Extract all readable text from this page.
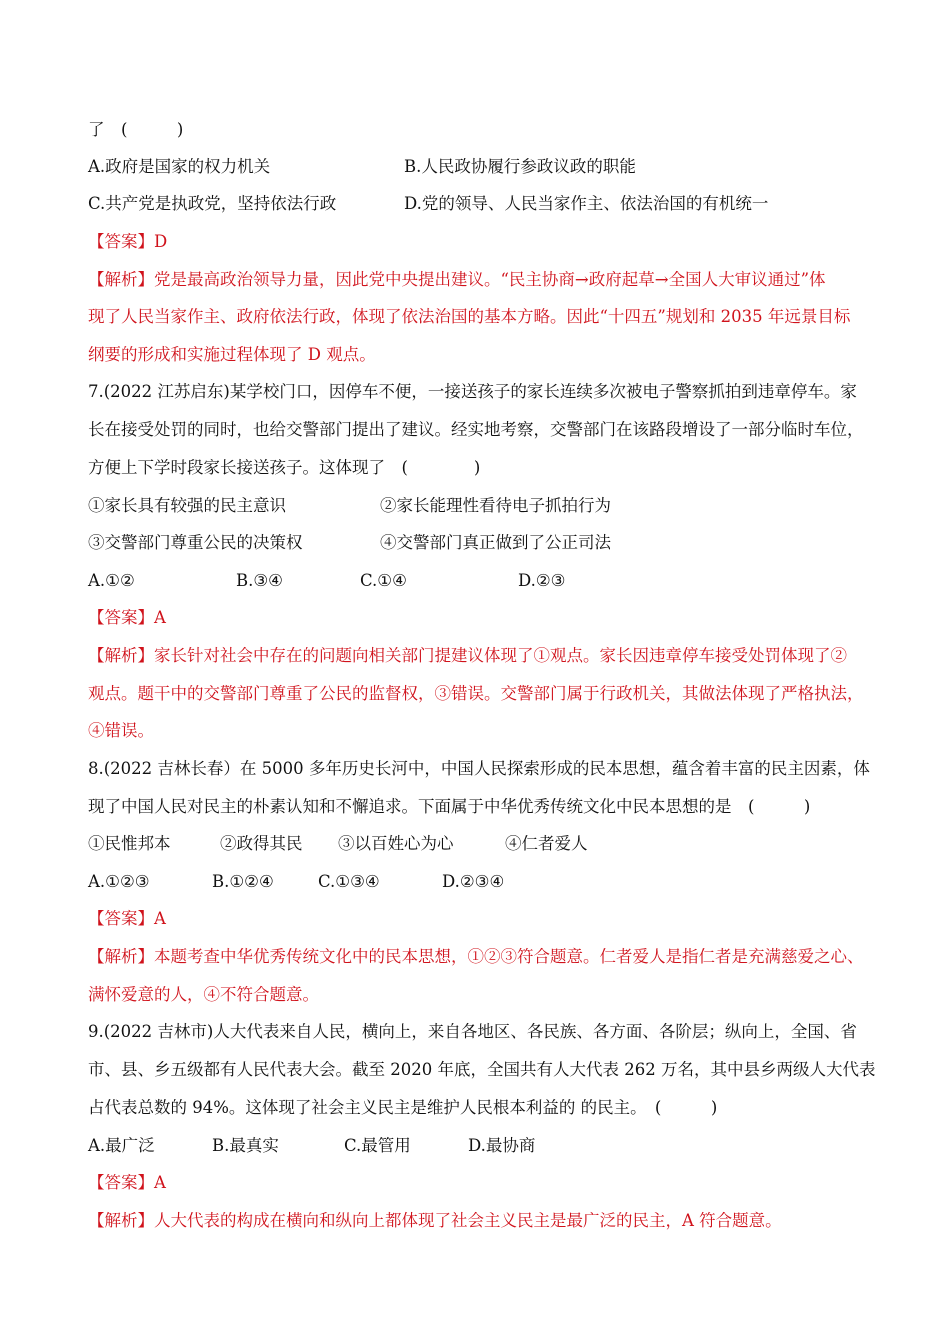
了　(　　　)
A.政府是国家的权力机关	B.人民政协履行参政议政的职能
C.共产党是执政党，坚持依法行政	D.党的领导、人民当家作主、依法治国的有机统一
【答案】D
【解析】党是最高政治领导力量，因此党中央提出建议。“民主协商→政府起草→全国人大审议通过”体
现了人民当家作主、政府依法行政，体现了依法治国的基本方略。因此“十四五”规划和 2035 年远景目标
纲要的形成和实施过程体现了 D 观点。
7.(2022 江苏启东)某学校门口，因停车不便，一接送孩子的家长连续多次被电子警察抓拍到违章停车。家
长在接受处罚的同时，也给交警部门提出了建议。经实地考察，交警部门在该路段增设了一部分临时车位，
方便上下学时段家长接送孩子。这体现了　(　　　　)
①家长具有较强的民主意识	②家长能理性看待电子抓拍行为
③交警部门尊重公民的决策权	④交警部门真正做到了公正司法
A.①②	B.③④	C.①④	D.②③
【答案】A
【解析】家长针对社会中存在的问题向相关部门提建议体现了①观点。家长因违章停车接受处罚体现了②
观点。题干中的交警部门尊重了公民的监督权，③错误。交警部门属于行政机关，其做法体现了严格执法，
④错误。
8.(2022 吉林长春）在 5000 多年历史长河中，中国人民探索形成的民本思想，蕴含着丰富的民主因素，体
现了中国人民对民主的朴素认知和不懈追求。下面属于中华优秀传统文化中民本思想的是　(　　　)
①民惟邦本	②政得其民 ③以百姓心为心	④仁者爱人
A.①②③	B.①②④	C.①③④	D.②③④
【答案】A
【解析】本题考查中华优秀传统文化中的民本思想，①②③符合题意。仁者爱人是指仁者是充满慈爱之心、
满怀爱意的人，④不符合题意。
9.(2022 吉林市)人大代表来自人民，横向上，来自各地区、各民族、各方面、各阶层；纵向上，全国、省
市、县、乡五级都有人民代表大会。截至 2020 年底，全国共有人大代表 262 万名，其中县乡两级人大代表
占代表总数的 94%。这体现了社会主义民主是维护人民根本利益的 的民主。　(　　　)
A.最广泛	B.最真实	C.最管用	D.最协商
【答案】A
【解析】人大代表的构成在横向和纵向上都体现了社会主义民主是最广泛的民主，A 符合题意。
